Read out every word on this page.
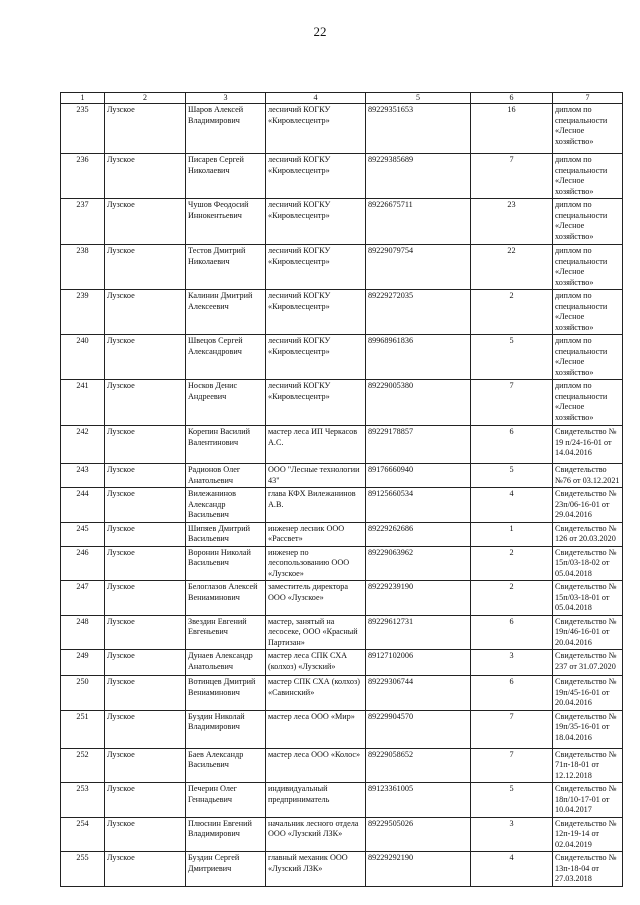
22
1	2	3	4	5	6	7
235	Лузское	Шаров Алексей Владимирович	лесничий КОГКУ «Кировлесцентр»	89229351653	16	диплом по специальности «Лесное хозяйство»
236	Лузское	Писарев Сергей Николаевич	лесничий КОГКУ «Кировлесцентр»	89229385689	7	диплом по специальности «Лесное хозяйство»
237	Лузское	Чушов Феодосий Иннокентьевич	лесничий КОГКУ «Кировлесцентр»	89226675711	23	диплом по специальности «Лесное хозяйство»
238	Лузское	Тестов Дмитрий Николаевич	лесничий КОГКУ «Кировлесцентр»	89229079754	22	диплом по специальности «Лесное хозяйство»
239	Лузское	Калинин Дмитрий Алексеевич	лесничий КОГКУ «Кировлесцентр»	89229272035	2	диплом по специальности «Лесное хозяйство»
240	Лузское	Швецов Сергей Александрович	лесничий КОГКУ «Кировлесцентр»	89968961836	5	диплом по специальности «Лесное хозяйство»
241	Лузское	Носков Денис Андреевич	лесничий КОГКУ «Кировлесцентр»	89229005380	7	диплом по специальности «Лесное хозяйство»
242	Лузское	Корепин Василий Валентинович	мастер леса ИП Черкасов А.С.	89229178857	6	Свидетельство № 19 п/24-16-01 от 14.04.2016
243	Лузское	Радионов Олег Анатольевич	ООО "Лесные технологии 43"	89176660940	5	Свидетельство №76 от 03.12.2021
244	Лузское	Вилежанинов Александр Васильевич	глава КФХ Вилежанинов А.В.	89125660534	4	Свидетельство № 23п/06-16-01 от 29.04.2016
245	Лузское	Шипяев Дмитрий Васильевич	инженер лесник ООО «Рассвет»	89229262686	1	Свидетельство № 126 от 20.03.2020
246	Лузское	Воронин Николай Васильевич	инженер по лесопользованию ООО «Лузское»	89229063962	2	Свидетельство № 15п/03-18-02 от 05.04.2018
247	Лузское	Белоглазов Алексей Вениаминович	заместитель директора ООО «Лузское»	89229239190	2	Свидетельство № 15п/03-18-01 от 05.04.2018
248	Лузское	Звездин Евгений Евгеньевич	мастер, занятый на лесосеке, ООО «Красный Партизан»	89229612731	6	Свидетельство № 19п/46-16-01 от 20.04.2016
249	Лузское	Дунаев Александр Анатольевич	мастер леса СПК СХА (колхоз) «Лузский»	89127102006	3	Свидетельство № 237 от 31.07.2020
250	Лузское	Вотинцев Дмитрий Вениаминович	мастер СПК СХА (колхоз) «Савинский»	89229306744	6	Свидетельство № 19п/45-16-01 от 20.04.2016
251	Лузское	Буздин Николай Владимирович	мастер леса ООО «Мир»	89229904570	7	Свидетельство № 19п/35-16-01 от 18.04.2016
252	Лузское	Баев Александр Васильевич	мастер леса ООО «Колос»	89229058652	7	Свидетельство № 71п-18-01 от 12.12.2018
253	Лузское	Печерин Олег Геннадьевич	индивидуальный предприниматель	89123361005	5	Свидетельство № 18п/10-17-01 от 10.04.2017
254	Лузское	Плюснин Евгений Владимирович	начальник лесного отдела ООО «Лузский ЛЗК»	89229505026	3	Свидетельство № 12п-19-14 от 02.04.2019
255	Лузское	Буздин Сергей Дмитриевич	главный механик ООО «Лузский ЛЗК»	89229292190	4	Свидетельство № 13п-18-04 от 27.03.2018
